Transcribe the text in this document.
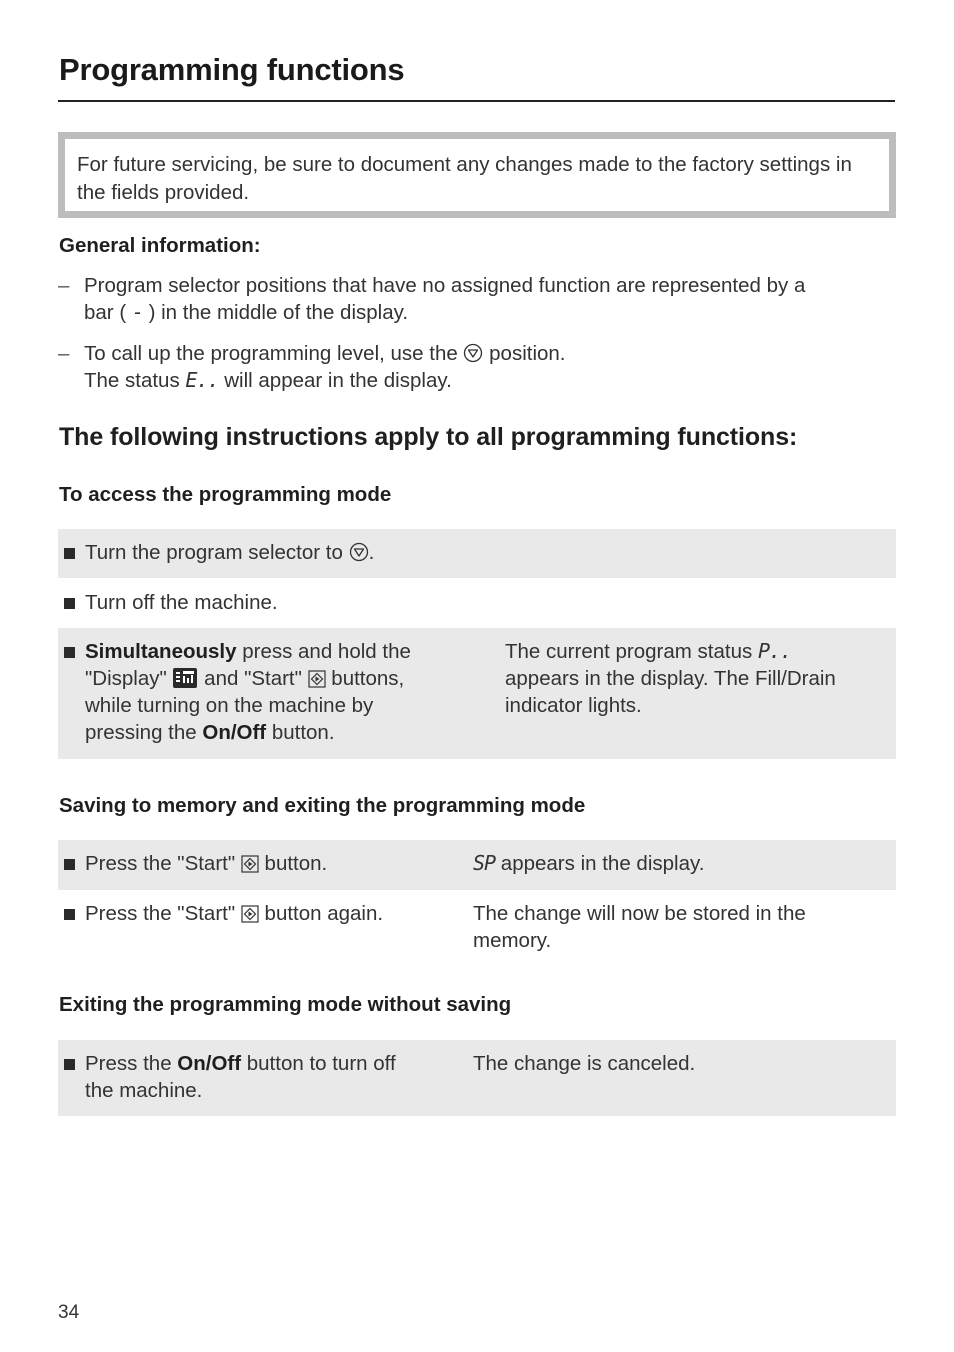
Programming functions
For future servicing, be sure to document any changes made to the factory settings in the fields provided.
General information:
– Program selector positions that have no assigned function are represented by a
bar ( - ) in the middle of the display.
– To call up the programming level, use the  position.
The status E.. will appear in the display.
The following instructions apply to all programming functions:
To access the programming mode
Turn the program selector to .
Turn off the machine.
Simultaneously press and hold the
"Display"  and "Start"  buttons,
while turning on the machine by
pressing the On/Off button.
The current program status P..
appears in the display. The Fill/Drain
indicator lights.
Saving to memory and exiting the programming mode
Press the "Start"  button.	SP appears in the display.
Press the "Start"  button again.	The change will now be stored in the
memory.
Exiting the programming mode without saving
Press the On/Off button to turn off
the machine.
The change is canceled.
34
